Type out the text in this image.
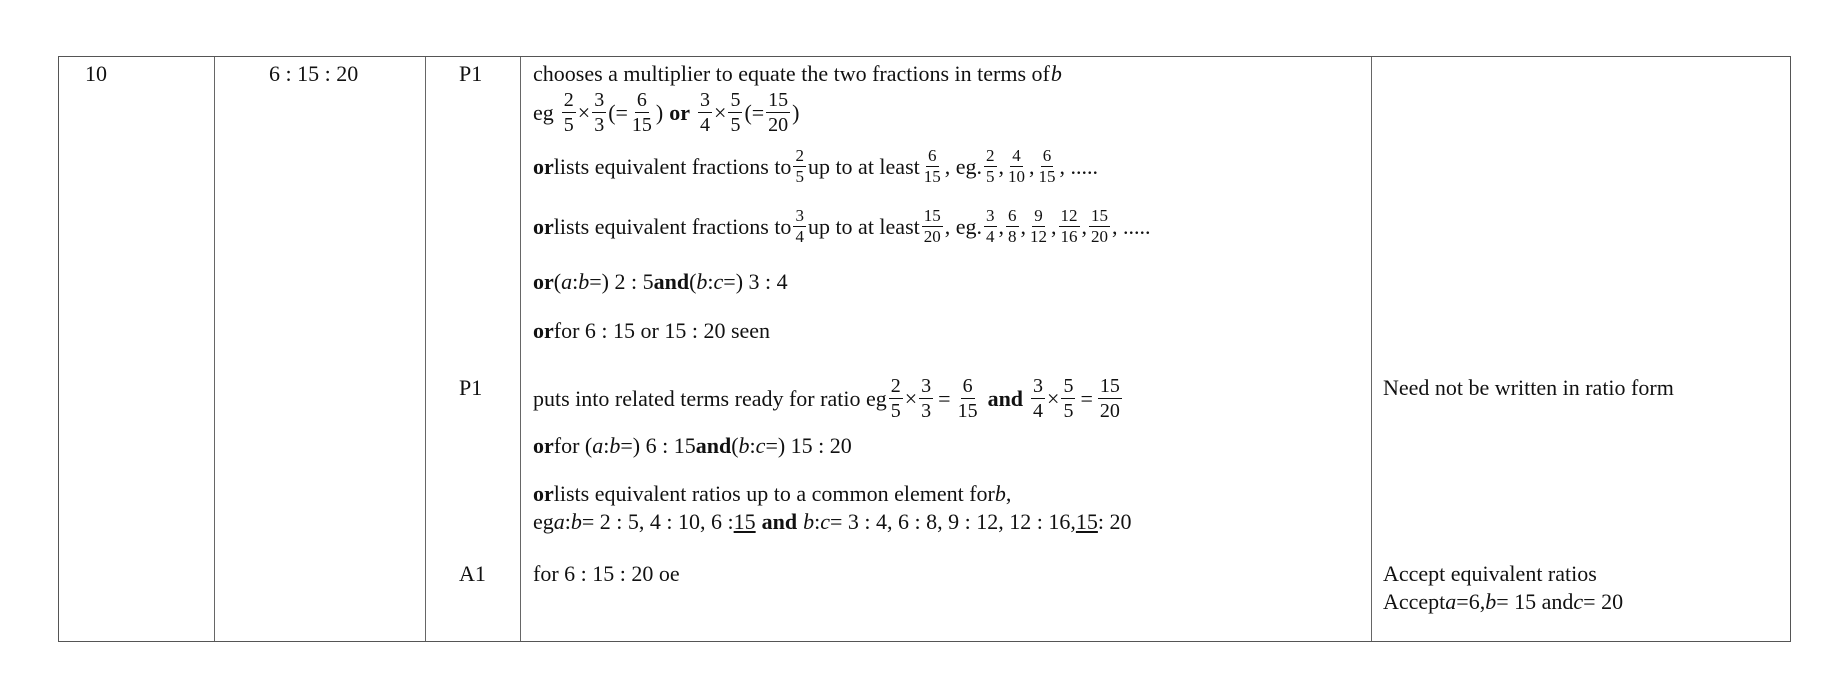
10	6 : 15 : 20	P1
P1
A1
chooses a multiplier to equate the two fractions in terms of b
eg $\frac{2}{5} \times \frac{3}{3}$ (= $\frac{6}{15}$ ) or $\frac{3}{4} \times \frac{5}{5}$ (= $\frac{15}{20}$ )
or lists equivalent fractions to $\frac{2}{5}$ up to at least $\frac{6}{15}$ , eg. $\frac{2}{5}$ , $\frac{4}{10}$ , $\frac{6}{15}$ , .....
or lists equivalent fractions to $\frac{3}{4}$ up to at least $\frac{15}{20}$ , eg. $\frac{3}{4}$ , $\frac{6}{8}$ , $\frac{9}{12}$ , $\frac{12}{16}$ , $\frac{15}{20}$ , .....
or ( a : b =) 2 : 5 and ( b : c =) 3 : 4
or for 6 : 15 or 15 : 20 seen
puts into related terms ready for ratio eg $\frac{2}{5} \times \frac{3}{3} = \frac{6}{15}$ and $\frac{3}{4} \times \frac{5}{5} = \frac{15}{20}$
or for ( a : b =) 6 : 15 and ( b : c =) 15 : 20
or lists equivalent ratios up to a common element for b ,
eg a : b = 2 : 5, 4 : 10, 6 : 15 and b : c = 3 : 4, 6 : 8, 9 : 12, 12 : 16, 15 : 20
for 6 : 15 : 20 oe
Need not be written in ratio form
Accept equivalent ratios
Accept a =6, b = 15 and c = 20
